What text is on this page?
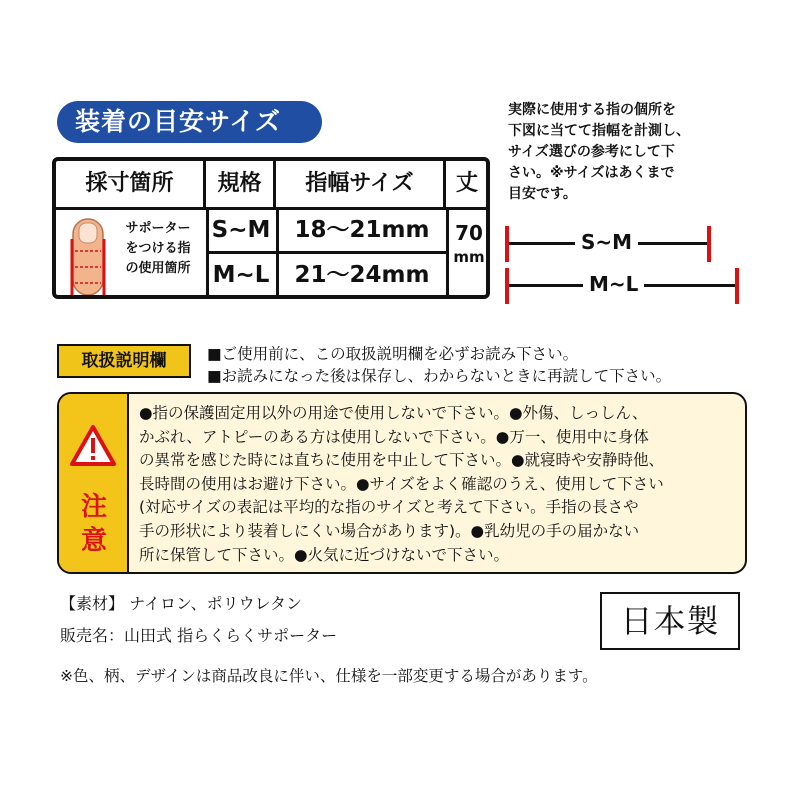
装着の目安サイズ
採寸箇所	規格	指幅サイズ	丈
サポーター
をつける指
の使用箇所
S~M	18～21mm
M~L	21～24mm
70
mm
実際に使用する指の個所を
下図に当てて指幅を計測し、
サイズ選びの参考にして下
さい。※サイズはあくまで
目安です。
S~M
M~L
取扱説明欄	■ご使用前に、この取扱説明欄を必ずお読み下さい。
■お読みになった後は保存し、わからないときに再読して下さい。
注
意
●指の保護固定用以外の用途で使用しないで下さい。●外傷、しっしん、
かぶれ、アトピーのある方は使用しないで下さい。●万一、使用中に身体
の異常を感じた時には直ちに使用を中止して下さい。●就寝時や安静時他、
長時間の使用はお避け下さい。●サイズをよく確認のうえ、使用して下さい
(対応サイズの表記は平均的な指のサイズと考えて下さい。手指の長さや
手の形状により装着しにくい場合があります)。●乳幼児の手の届かない
所に保管して下さい。●火気に近づけないで下さい。
【素材】 ナイロン、ポリウレタン
販売名：山田式 指らくらくサポーター	日本製
※色、柄、デザインは商品改良に伴い、仕様を一部変更する場合があります。
